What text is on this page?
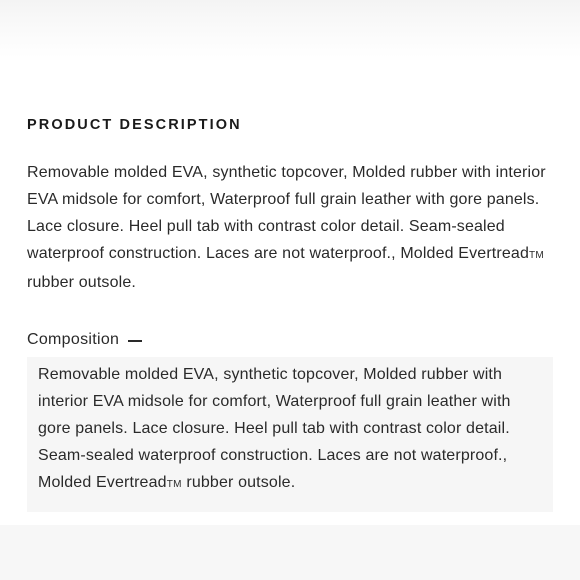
PRODUCT DESCRIPTION

Removable molded EVA, synthetic topcover, Molded rubber with interior EVA midsole for comfort, Waterproof full grain leather with gore panels. Lace closure. Heel pull tab with contrast color detail. Seam-sealed waterproof construction. Laces are not waterproof., Molded EvertreadTM rubber outsole.

Composition

Removable molded EVA, synthetic topcover, Molded rubber with interior EVA midsole for comfort, Waterproof full grain leather with gore panels. Lace closure. Heel pull tab with contrast color detail. Seam-sealed waterproof construction. Laces are not waterproof., Molded EvertreadTM rubber outsole.
